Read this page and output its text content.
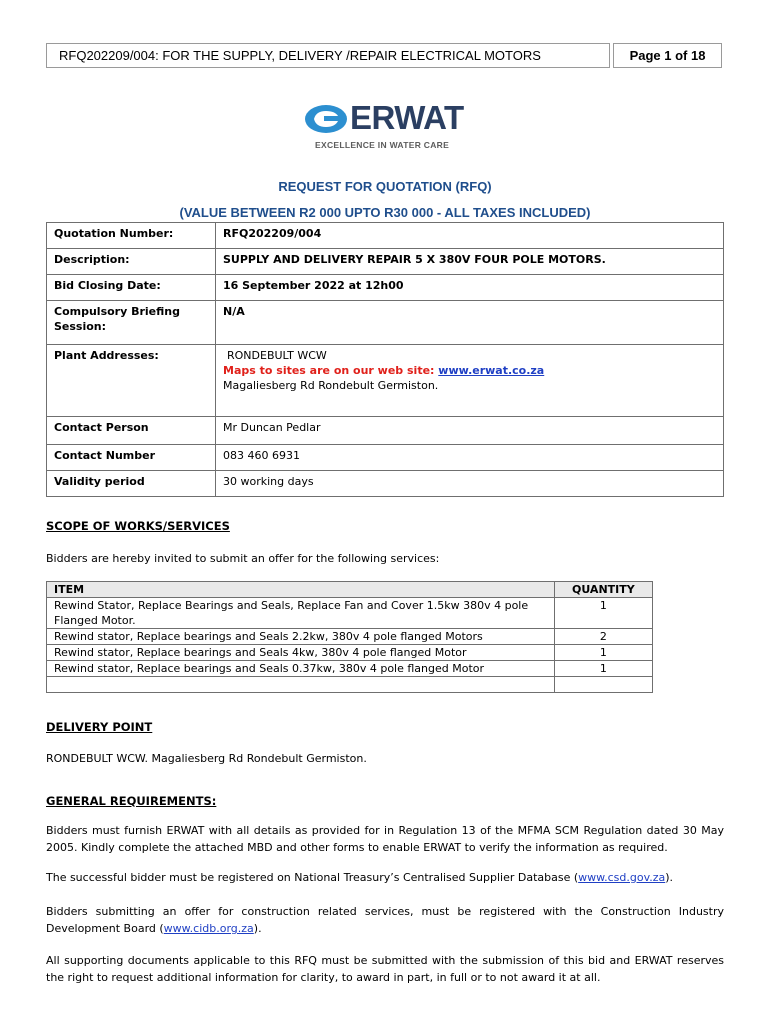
RFQ202209/004: FOR THE SUPPLY, DELIVERY /REPAIR ELECTRICAL MOTORS	Page 1 of 18
ERWAT
EXCELLENCE IN WATER CARE
REQUEST FOR QUOTATION (RFQ)
(VALUE BETWEEN R2 000 UPTO R30 000 - ALL TAXES INCLUDED)
Quotation Number:	RFQ202209/004
Description:	SUPPLY AND DELIVERY REPAIR 5 X 380V FOUR POLE MOTORS.
Bid Closing Date:	16 September 2022 at 12h00

Compulsory Briefing
Session:	N/A
Plant Addresses:	RONDEBULT WCW
Maps to sites are on our web site: www.erwat.co.za
Magaliesberg Rd Rondebult Germiston.

Contact Person	Mr Duncan Pedlar
Contact Number	083 460 6931
Validity period	30 working days
SCOPE OF WORKS/SERVICES
Bidders are hereby invited to submit an offer for the following services:
ITEM	QUANTITY

Rewind Stator, Replace Bearings and Seals, Replace Fan and Cover 1.5kw 380v 4 pole
Flanged Motor.	1
Rewind stator, Replace bearings and Seals 2.2kw, 380v 4 pole flanged Motors	2
Rewind stator, Replace bearings and Seals 4kw, 380v 4 pole flanged Motor	1
Rewind stator, Replace bearings and Seals 0.37kw, 380v 4 pole flanged Motor	1

DELIVERY POINT
RONDEBULT WCW. Magaliesberg Rd Rondebult Germiston.
GENERAL REQUIREMENTS:
Bidders must furnish ERWAT with all details as provided for in Regulation 13 of the MFMA SCM Regulation dated 30 May 2005. Kindly complete the attached MBD and other forms to enable ERWAT to verify the information as required.
The successful bidder must be registered on National Treasury’s Centralised Supplier Database (www.csd.gov.za).
Bidders submitting an offer for construction related services, must be registered with the Construction Industry Development Board (www.cidb.org.za).
All supporting documents applicable to this RFQ must be submitted with the submission of this bid and ERWAT reserves the right to request additional information for clarity, to award in part, in full or to not award it at all.
